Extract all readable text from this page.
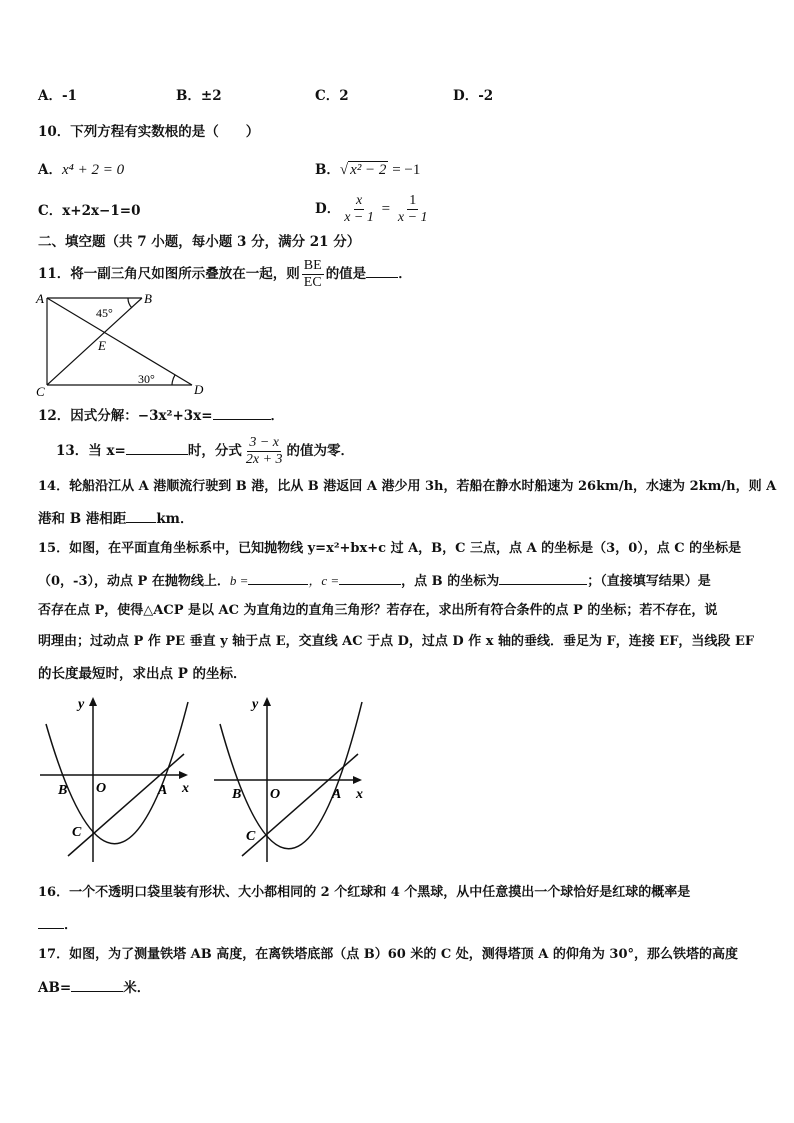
A．-1	B．±2	C．2	D．-2
10．下列方程有实数根的是（　　）
A．x⁴ + 2 = 0	B．√ x² − 2 = −1
C．x+2x−1=0	D． $\frac{x}{x - 1} = \frac{1}{x - 1}$
二、填空题（共 7 小题，每小题 3 分，满分 21 分）
11．将一副三角尺如图所示叠放在一起，则 $\frac{BE}{EC}$ 的值是 ．
A	B
C	D
E
45°
30°
12．因式分解：−3x²+3x=	．
13．当 x=	时，分式 $\frac{3 - x}{2x + 3}$ 的值为零．
14．轮船沿江从 A 港顺流行驶到 B 港，比从 B 港返回 A 港少用 3h，若船在静水时船速为 26km/h，水速为 2km/h，则 A
港和 B 港相距 km．
15．如图，在平面直角坐标系中，已知抛物线 y=x²+bx+c 过 A，B，C 三点，点 A 的坐标是（3，0），点 C 的坐标是
（0，-3），动点 P 在抛物线上．b =	，c =	，点 B 的坐标为	；（直接填写结果）是
否存在点 P，使得△ACP 是以 AC 为直角边的直角三角形？若存在，求出所有符合条件的点 P 的坐标；若不存在，说
明理由；过动点 P 作 PE 垂直 y 轴于点 E，交直线 AC 于点 D，过点 D 作 x 轴的垂线．垂足为 F，连接 EF，当线段 EF
的长度最短时，求出点 P 的坐标．
y
x
O	A
B
C
y
x
O	A
B
C
16．一个不透明口袋里装有形状、大小都相同的 2 个红球和 4 个黑球，从中任意摸出一个球恰好是红球的概率是
．
17．如图，为了测量铁塔 AB 高度，在离铁塔底部（点 B）60 米的 C 处，测得塔顶 A 的仰角为 30°，那么铁塔的高度
AB=	米．
